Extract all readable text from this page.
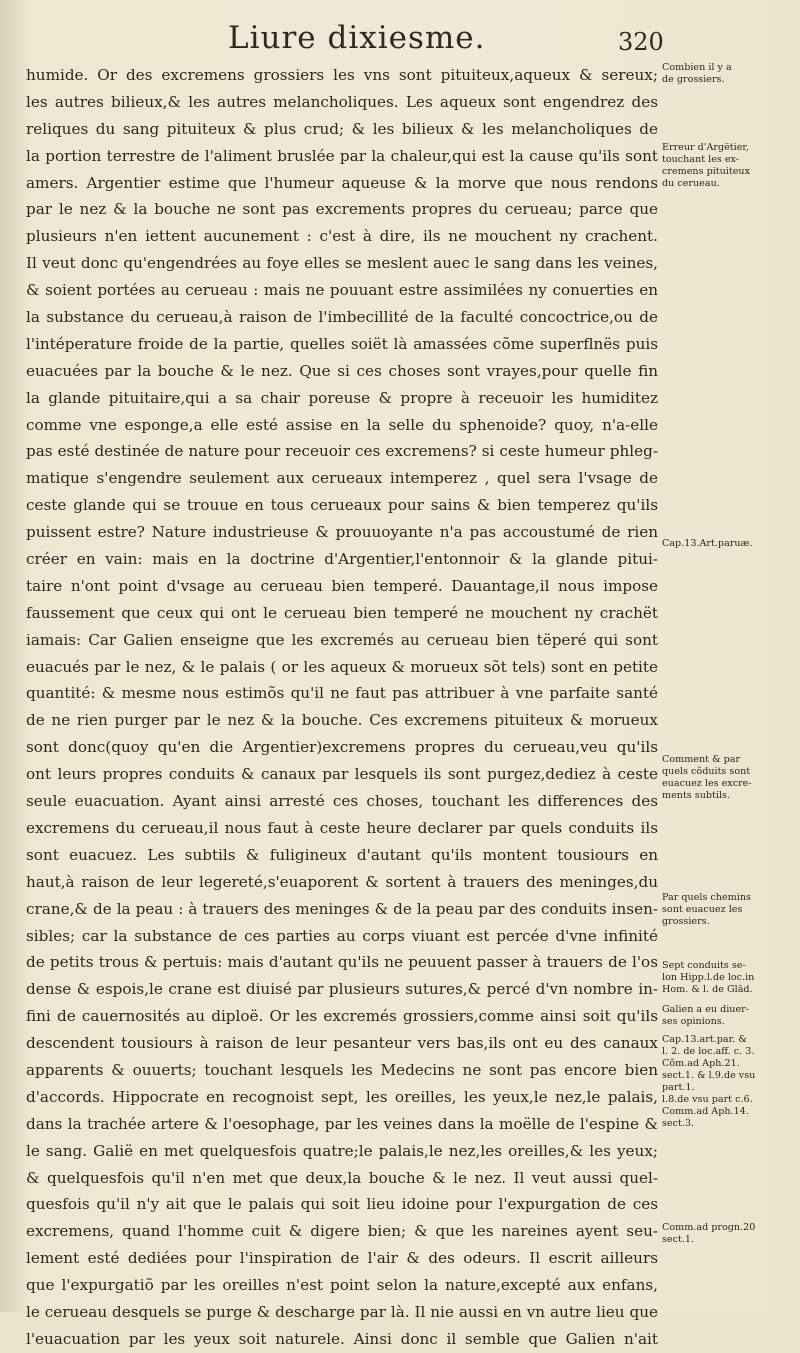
Liure dixiesme.	320
humide. Or des excremens grossiers les vns sont pituiteux,aqueux & sereux;
les autres bilieux,& les autres melancholiques. Les aqueux sont engendrez des
reliques du sang pituiteux & plus crud; & les bilieux & les melancholiques de
la portion terrestre de l'aliment bruslée par la chaleur,qui est la cause qu'ils sont
amers. Argentier estime que l'humeur aqueuse & la morve que nous rendons
par le nez & la bouche ne sont pas excrements propres du cerueau; parce que
plusieurs n'en iettent aucunement : c'est à dire, ils ne mouchent ny crachent.
Il veut donc qu'engendrées au foye elles se meslent auec le sang dans les veines,
& soient portées au cerueau : mais ne pouuant estre assimilées ny conuerties en
la substance du cerueau,à raison de l'imbecillité de la faculté concoctrice,ou de
l'intéperature froide de la partie, quelles soiët là amassées cõme superflnës puis
euacuées par la bouche & le nez. Que si ces choses sont vrayes,pour quelle fin
la glande pituitaire,qui a sa chair poreuse & propre à receuoir les humiditez
comme vne esponge,a elle esté assise en la selle du sphenoide? quoy, n'a-elle
pas esté destinée de nature pour receuoir ces excremens? si ceste humeur phleg-
matique s'engendre seulement aux cerueaux intemperez , quel sera l'vsage de
ceste glande qui se trouue en tous cerueaux pour sains & bien temperez qu'ils
puissent estre? Nature industrieuse & prouuoyante n'a pas accoustumé de rien
créer en vain: mais en la doctrine d'Argentier,l'entonnoir & la glande pitui-
taire n'ont point d'vsage au cerueau bien temperé. Dauantage,il nous impose
faussement que ceux qui ont le cerueau bien temperé ne mouchent ny crachët
iamais: Car Galien enseigne que les excremés au cerueau bien tëperé qui sont
euacués par le nez, & le palais ( or les aqueux & morueux sõt tels) sont en petite
quantité: & mesme nous estimõs qu'il ne faut pas attribuer à vne parfaite santé
de ne rien purger par le nez & la bouche. Ces excremens pituiteux & morueux
sont donc(quoy qu'en die Argentier)excremens propres du cerueau,veu qu'ils
ont leurs propres conduits & canaux par lesquels ils sont purgez,dediez à ceste
seule euacuation. Ayant ainsi arresté ces choses, touchant les differences des
excremens du cerueau,il nous faut à ceste heure declarer par quels conduits ils
sont euacuez. Les subtils & fuligineux d'autant qu'ils montent tousiours en
haut,à raison de leur legereté,s'euaporent & sortent à trauers des meninges,du
crane,& de la peau : à trauers des meninges & de la peau par des conduits insen-
sibles; car la substance de ces parties au corps viuant est percée d'vne infinité
de petits trous & pertuis: mais d'autant qu'ils ne peuuent passer à trauers de l'os
dense & espois,le crane est diuisé par plusieurs sutures,& percé d'vn nombre in-
fini de cauernosités au diploë. Or les excremés grossiers,comme ainsi soit qu'ils
descendent tousiours à raison de leur pesanteur vers bas,ils ont eu des canaux
apparents & ouuerts; touchant lesquels les Medecins ne sont pas encore bien
d'accords. Hippocrate en recognoist sept, les oreilles, les yeux,le nez,le palais,
dans la trachée artere & l'oesophage, par les veines dans la moëlle de l'espine &
le sang. Galië en met quelquesfois quatre;le palais,le nez,les oreilles,& les yeux;
& quelquesfois qu'il n'en met que deux,la bouche & le nez. Il veut aussi quel-
quesfois qu'il n'y ait que le palais qui soit lieu idoine pour l'expurgation de ces
excremens, quand l'homme cuit & digere bien; & que les nareines ayent seu-
lement esté dediées pour l'inspiration de l'air & des odeurs. Il escrit ailleurs
que l'expurgatiõ par les oreilles n'est point selon la nature,excepté aux enfans,
le cerueau desquels se purge & descharge par là. Il nie aussi en vn autre lieu que
l'euacuation par les yeux soit naturele. Ainsi donc il semble que Galien n'ait
Combien il y a
de grossiers.
Erreur d'Argëtier,
touchant les ex-
cremens pituiteux
du cerueau.
Cap.13.Art.paruæ.
Comment & par
quels cõduits sont
euacuez les excre-
ments subtils.
Par quels chemins
sont euacuez les
grossiers.
Sept conduits se-
lon Hipp.l.de loc.in
Hom. & l. de Glād.
Galien a eu diuer-
ses opinions.
Cap.13.art.par. &
l. 2. de loc.aff. c. 3.
Cõm.ad Aph.21.
sect.1. & l.9.de vsu
part.1.
l.8.de vsu part c.6.
Comm.ad Aph.14.
sect.3.
Comm.ad progn.20
sect.1.
